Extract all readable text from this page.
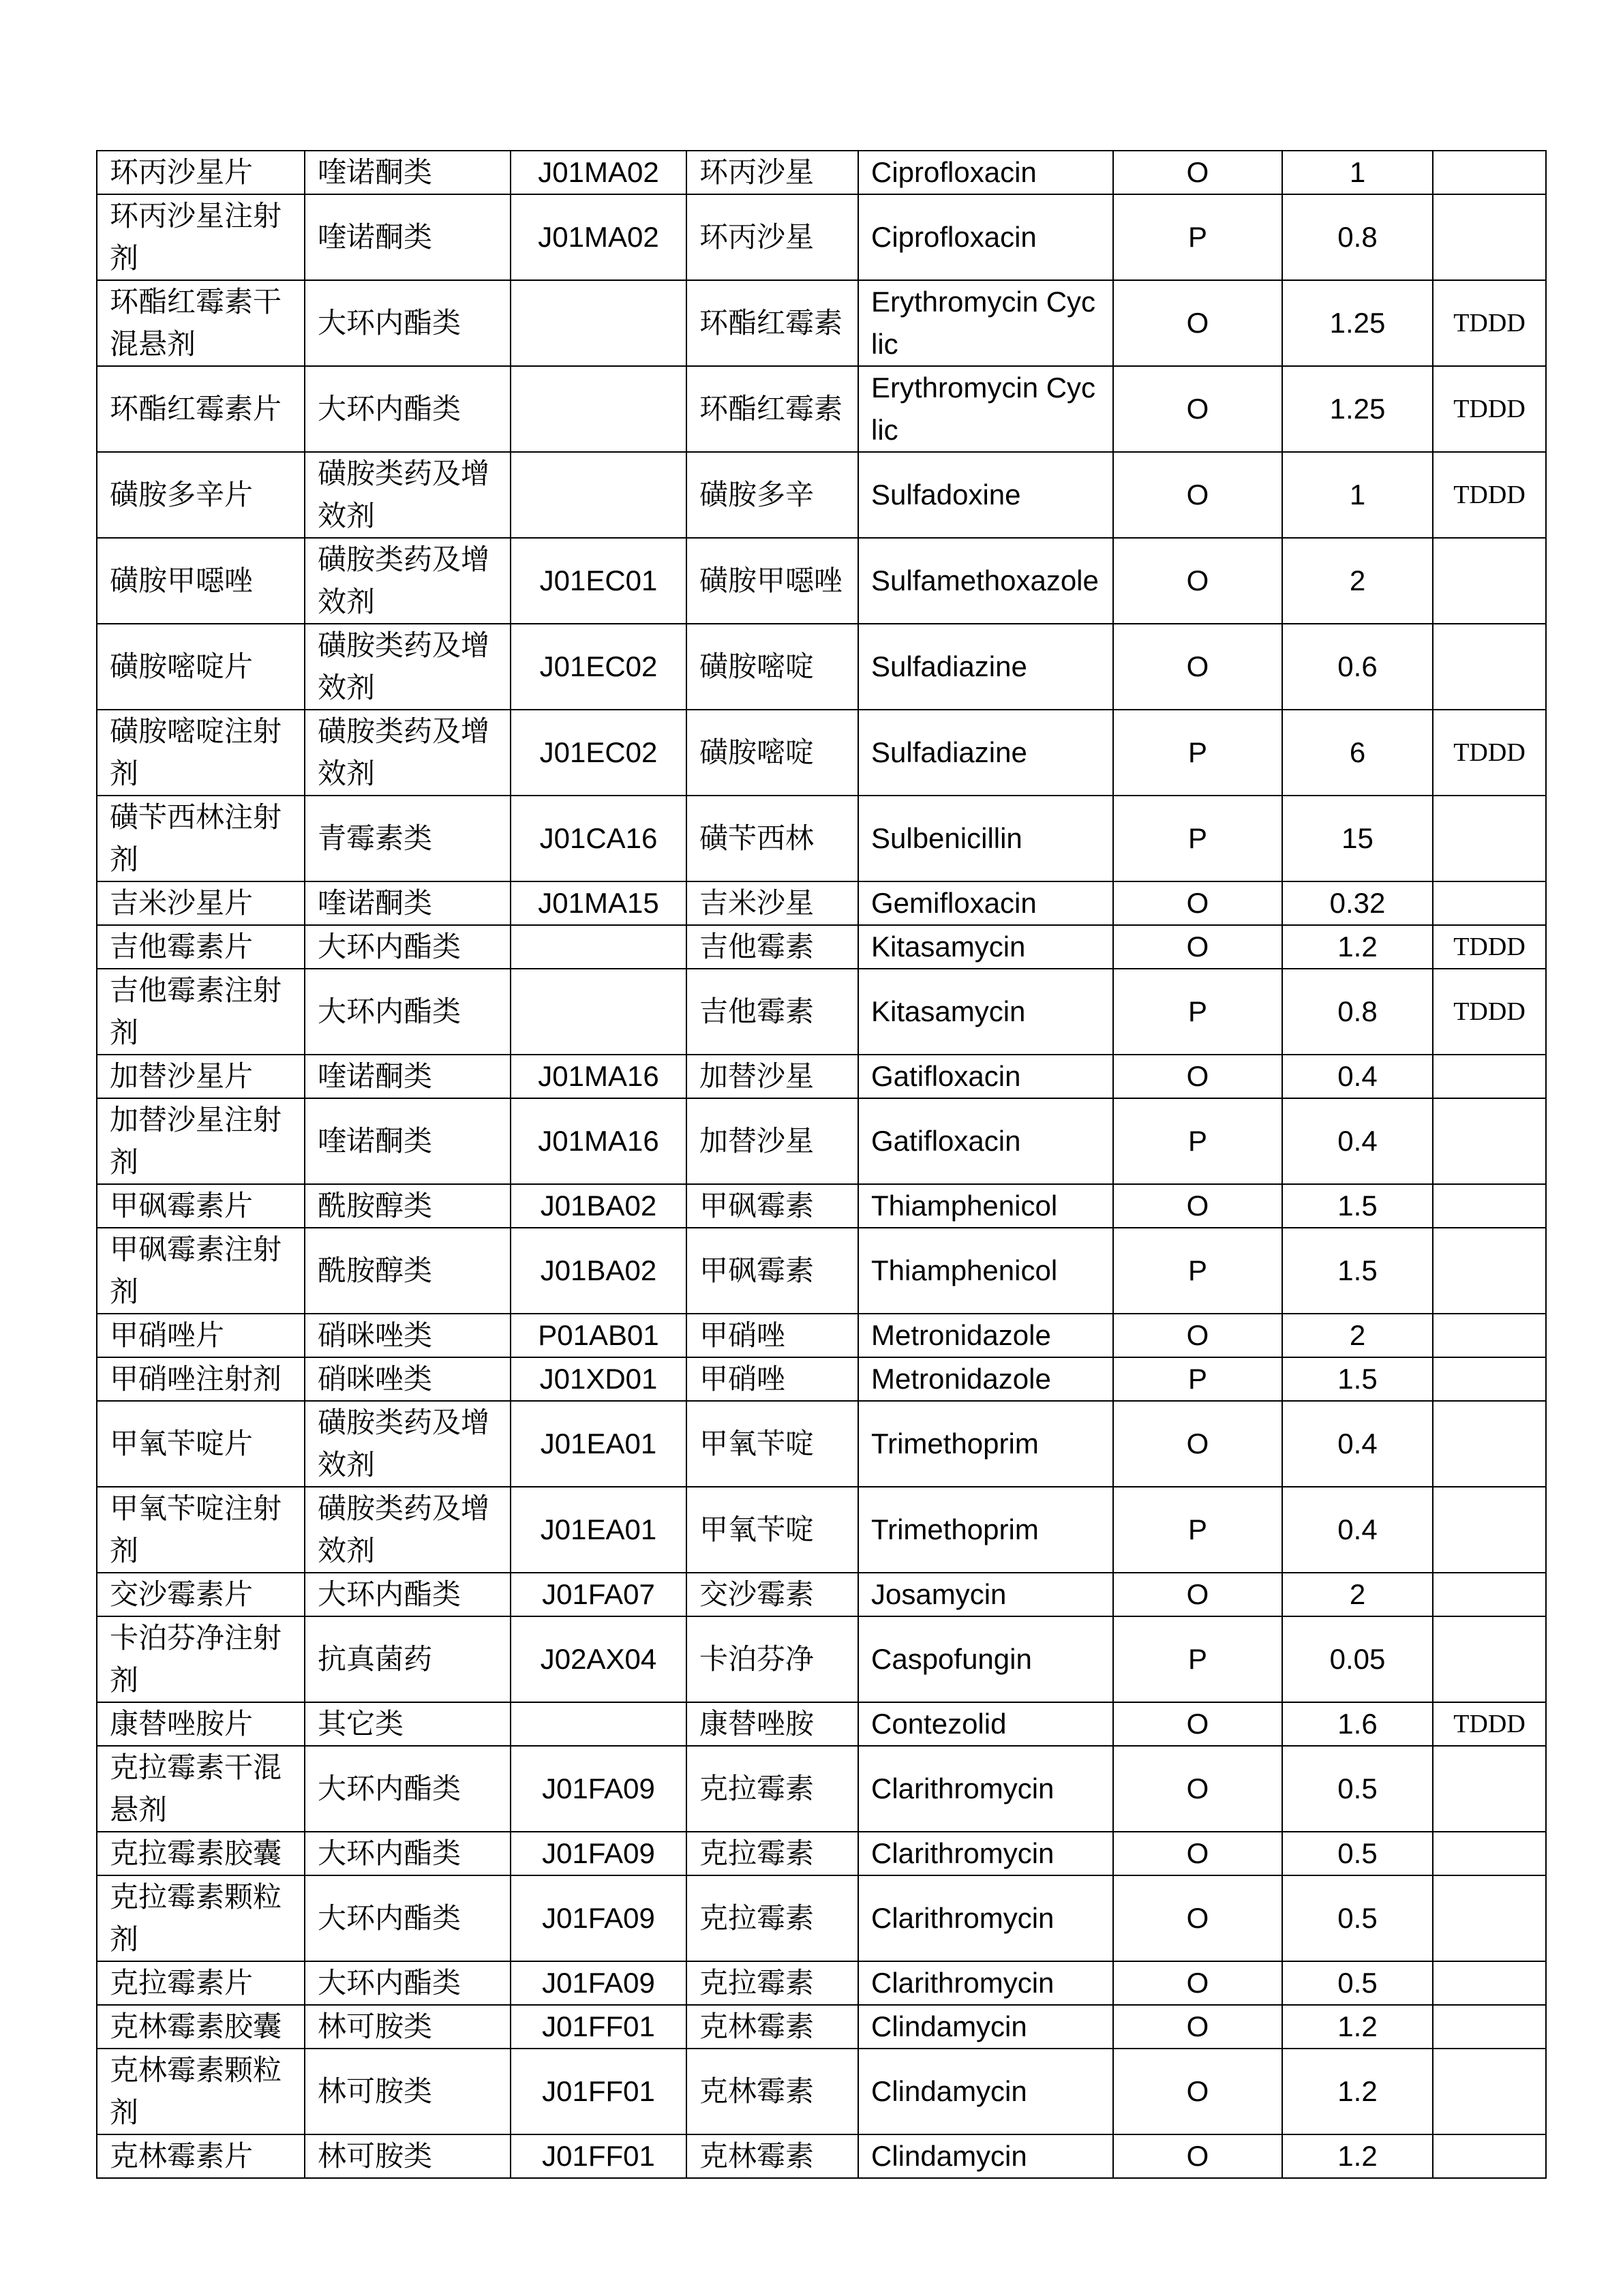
环丙沙星片	喹诺酮类	J01MA02	环丙沙星	Ciprofloxacin	O	1	
环丙沙星注射剂	喹诺酮类	J01MA02	环丙沙星	Ciprofloxacin	P	0.8	
环酯红霉素干混悬剂	大环内酯类		环酯红霉素	Erythromycin Cyclic	O	1.25	TDDD
环酯红霉素片	大环内酯类		环酯红霉素	Erythromycin Cyclic	O	1.25	TDDD
磺胺多辛片	磺胺类药及增效剂		磺胺多辛	Sulfadoxine	O	1	TDDD
磺胺甲噁唑	磺胺类药及增效剂	J01EC01	磺胺甲噁唑	Sulfamethoxazole	O	2	
磺胺嘧啶片	磺胺类药及增效剂	J01EC02	磺胺嘧啶	Sulfadiazine	O	0.6	
磺胺嘧啶注射剂	磺胺类药及增效剂	J01EC02	磺胺嘧啶	Sulfadiazine	P	6	TDDD
磺苄西林注射剂	青霉素类	J01CA16	磺苄西林	Sulbenicillin	P	15	
吉米沙星片	喹诺酮类	J01MA15	吉米沙星	Gemifloxacin	O	0.32	
吉他霉素片	大环内酯类		吉他霉素	Kitasamycin	O	1.2	TDDD
吉他霉素注射剂	大环内酯类		吉他霉素	Kitasamycin	P	0.8	TDDD
加替沙星片	喹诺酮类	J01MA16	加替沙星	Gatifloxacin	O	0.4	
加替沙星注射剂	喹诺酮类	J01MA16	加替沙星	Gatifloxacin	P	0.4	
甲砜霉素片	酰胺醇类	J01BA02	甲砜霉素	Thiamphenicol	O	1.5	
甲砜霉素注射剂	酰胺醇类	J01BA02	甲砜霉素	Thiamphenicol	P	1.5	
甲硝唑片	硝咪唑类	P01AB01	甲硝唑	Metronidazole	O	2	
甲硝唑注射剂	硝咪唑类	J01XD01	甲硝唑	Metronidazole	P	1.5	
甲氧苄啶片	磺胺类药及增效剂	J01EA01	甲氧苄啶	Trimethoprim	O	0.4	
甲氧苄啶注射剂	磺胺类药及增效剂	J01EA01	甲氧苄啶	Trimethoprim	P	0.4	
交沙霉素片	大环内酯类	J01FA07	交沙霉素	Josamycin	O	2	
卡泊芬净注射剂	抗真菌药	J02AX04	卡泊芬净	Caspofungin	P	0.05	
康替唑胺片	其它类		康替唑胺	Contezolid	O	1.6	TDDD
克拉霉素干混悬剂	大环内酯类	J01FA09	克拉霉素	Clarithromycin	O	0.5	
克拉霉素胶囊	大环内酯类	J01FA09	克拉霉素	Clarithromycin	O	0.5	
克拉霉素颗粒剂	大环内酯类	J01FA09	克拉霉素	Clarithromycin	O	0.5	
克拉霉素片	大环内酯类	J01FA09	克拉霉素	Clarithromycin	O	0.5	
克林霉素胶囊	林可胺类	J01FF01	克林霉素	Clindamycin	O	1.2	
克林霉素颗粒剂	林可胺类	J01FF01	克林霉素	Clindamycin	O	1.2	
克林霉素片	林可胺类	J01FF01	克林霉素	Clindamycin	O	1.2	
